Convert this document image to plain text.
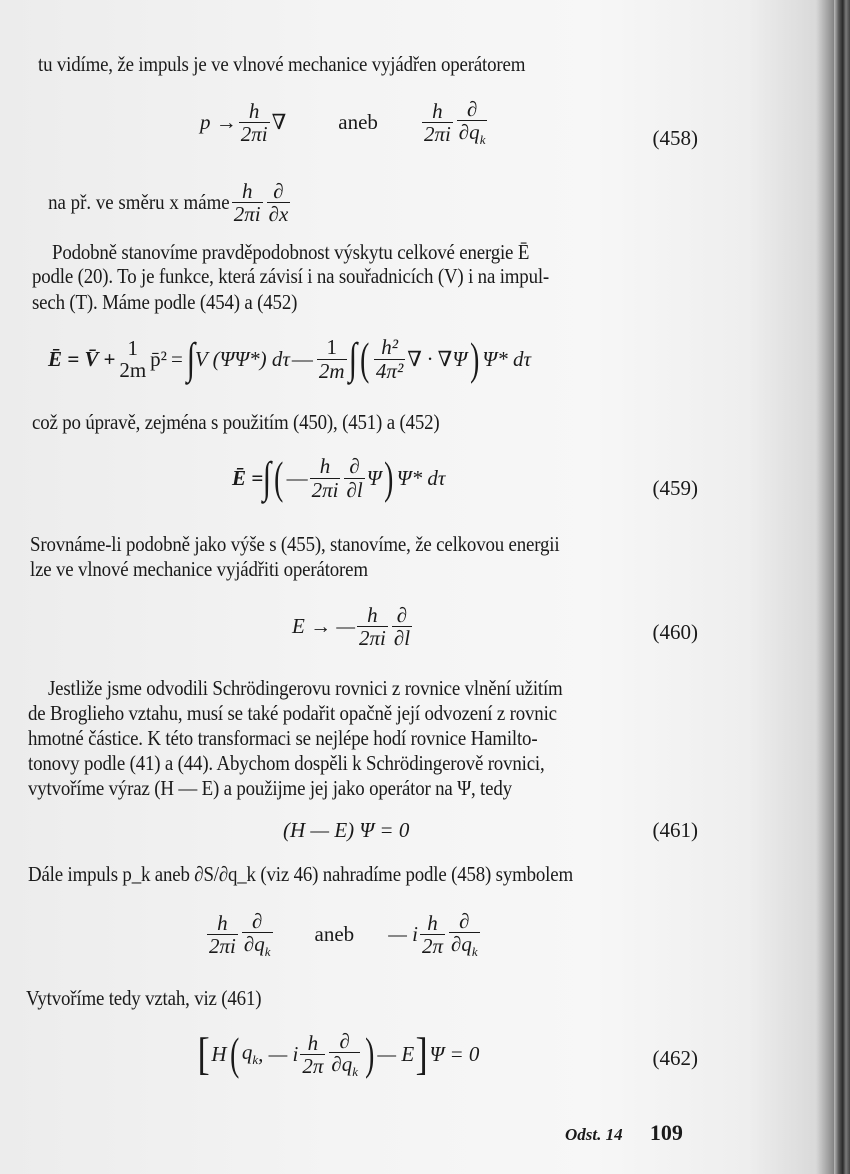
tu vidíme, že impuls je ve vlnové mechanice vyjádřen operátorem
$p \to \frac{h}{2\pi i}$ ∇ aneb $\frac{h}{2\pi i} \frac{\partial}{\partial q_k}$	(458)
na př. ve směru x máme $\frac{h}{2\pi i} \frac{\partial}{\partial x}$
Podobně stanovíme pravděpodobnost výskytu celkové energie Ē
podle (20). To je funkce, která závisí i na souřadnicích (V) i na impul-
sech (T). Máme podle (454) a (452)
Ē = V̄ + 1
2m p̄² = ∫ V (ΨΨ*) dτ — $\frac{1}{2m}$ ∫ ( $\frac{\text{h²}}{\text{4π²}}$ ∇ · ∇Ψ ) Ψ* dτ
což po úpravě, zejména s použitím (450), (451) a (452)
Ē = ∫ ( — $\frac{h}{2\pi i} \frac{\partial}{\partial l}$ Ψ ) Ψ* dτ	(459)
Srovnáme-li podobně jako výše s (455), stanovíme, že celkovou energii
lze ve vlnové mechanice vyjádřiti operátorem
E → — $\frac{h}{2\pi i} \frac{\partial}{\partial l}$	(460)
Jestliže jsme odvodili Schrödingerovu rovnici z rovnice vlnění užitím
de Broglieho vztahu, musí se také podařit opačně její odvození z rovnic
hmotné částice. K této transformaci se nejlépe hodí rovnice Hamilto-
tonovy podle (41) a (44). Abychom dospěli k Schrödingerově rovnici,
vytvoříme výraz (H — E) a použijme jej jako operátor na Ψ, tedy
(H — E) Ψ = 0	(461)
Dále impuls p_k aneb ∂S/∂q_k (viz 46) nahradíme podle (458) symbolem
$\frac{h}{2\pi i} \frac{\partial}{\partial q_k}$ aneb — i $\frac{h}{2\pi} \frac{\partial}{\partial q_k}$
Vytvoříme tedy vztah, viz (461)
[ H ( $q_k$ , — i $\frac{h}{2\pi} \frac{\partial}{\partial q_k}$ ) — E ] Ψ = 0	(462)
Odst. 14 109
